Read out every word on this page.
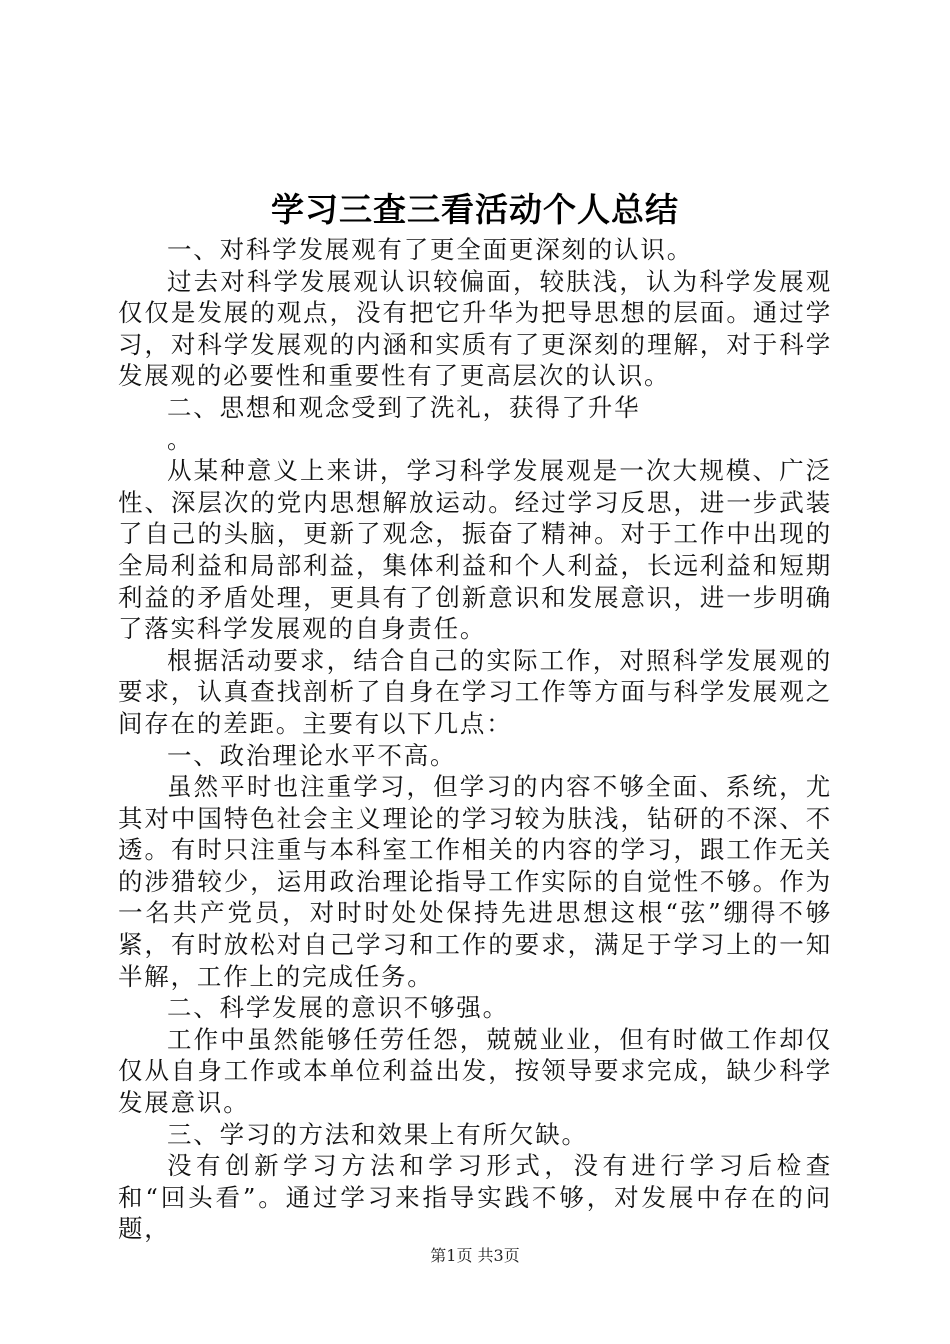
学习三查三看活动个人总结

一、对科学发展观有了更全面更深刻的认识。

过去对科学发展观认识较偏面，较肤浅，认为科学发展观仅仅是发展的观点，没有把它升华为把导思想的层面。通过学习，对科学发展观的内涵和实质有了更深刻的理解，对于科学发展观的必要性和重要性有了更高层次的认识。

二、思想和观念受到了洗礼，获得了升华

。

从某种意义上来讲，学习科学发展观是一次大规模、广泛性、深层次的党内思想解放运动。经过学习反思，进一步武装了自己的头脑，更新了观念，振奋了精神。对于工作中出现的全局利益和局部利益，集体利益和个人利益，长远利益和短期利益的矛盾处理，更具有了创新意识和发展意识，进一步明确了落实科学发展观的自身责任。

根据活动要求，结合自己的实际工作，对照科学发展观的要求，认真查找剖析了自身在学习工作等方面与科学发展观之间存在的差距。主要有以下几点：

一、政治理论水平不高。

虽然平时也注重学习，但学习的内容不够全面、系统，尤其对中国特色社会主义理论的学习较为肤浅，钻研的不深、不透。有时只注重与本科室工作相关的内容的学习，跟工作无关的涉猎较少，运用政治理论指导工作实际的自觉性不够。作为一名共产党员，对时时处处保持先进思想这根“弦”绷得不够紧，有时放松对自己学习和工作的要求，满足于学习上的一知半解，工作上的完成任务。

二、科学发展的意识不够强。

工作中虽然能够任劳任怨，兢兢业业，但有时做工作却仅仅从自身工作或本单位利益出发，按领导要求完成，缺少科学发展意识。

三、学习的方法和效果上有所欠缺。

没有创新学习方法和学习形式，没有进行学习后检查和“回头看”。通过学习来指导实践不够，对发展中存在的问题，

第1页 共3页
